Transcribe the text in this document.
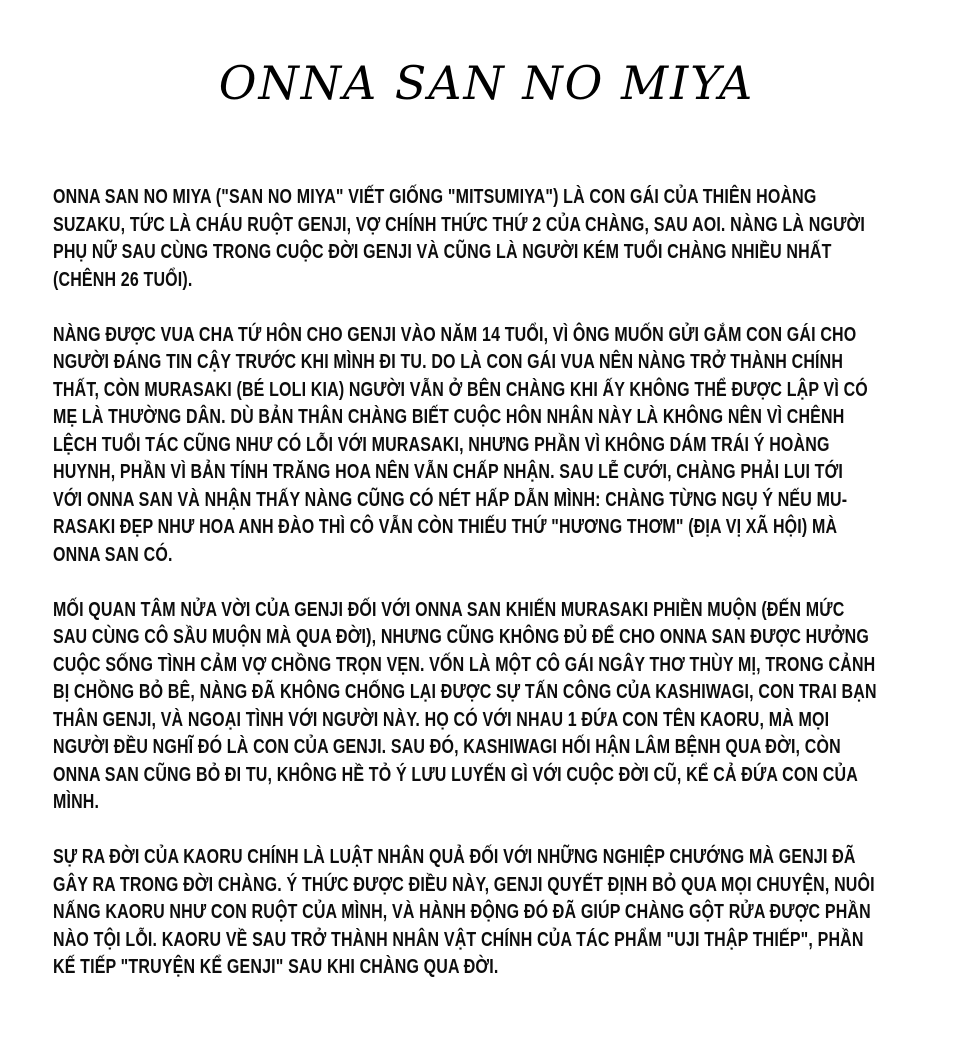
ONNA SAN NO MIYA

ONNA SAN NO MIYA ("SAN NO MIYA" VIẾT GIỐNG "MITSUMIYA") LÀ CON GÁI CỦA THIÊN HOÀNG
SUZAKU, TỨC LÀ CHÁU RUỘT GENJI, VỢ CHÍNH THỨC THỨ 2 CỦA CHÀNG, SAU AOI. NÀNG LÀ NGƯỜI
PHỤ NỮ SAU CÙNG TRONG CUỘC ĐỜI GENJI VÀ CŨNG LÀ NGƯỜI KÉM TUỔI CHÀNG NHIỀU NHẤT
(CHÊNH 26 TUỔI).

NÀNG ĐƯỢC VUA CHA TỨ HÔN CHO GENJI VÀO NĂM 14 TUỔI, VÌ ÔNG MUỐN GỬI GẮM CON GÁI CHO
NGƯỜI ĐÁNG TIN CẬY TRƯỚC KHI MÌNH ĐI TU. DO LÀ CON GÁI VUA NÊN NÀNG TRỞ THÀNH CHÍNH
THẤT, CÒN MURASAKI (BÉ LOLI KIA) NGƯỜI VẪN Ở BÊN CHÀNG KHI ẤY KHÔNG THỂ ĐƯỢC LẬP VÌ CÓ
MẸ LÀ THƯỜNG DÂN. DÙ BẢN THÂN CHÀNG BIẾT CUỘC HÔN NHÂN NÀY LÀ KHÔNG NÊN VÌ CHÊNH
LỆCH TUỔI TÁC CŨNG NHƯ CÓ LỖI VỚI MURASAKI, NHƯNG PHẦN VÌ KHÔNG DÁM TRÁI Ý HOÀNG
HUYNH, PHẦN VÌ BẢN TÍNH TRĂNG HOA NÊN VẪN CHẤP NHẬN. SAU LỄ CƯỚI, CHÀNG PHẢI LUI TỚI
VỚI ONNA SAN VÀ NHẬN THẤY NÀNG CŨNG CÓ NÉT HẤP DẪN MÌNH: CHÀNG TỪNG NGỤ Ý NẾU MU-
RASAKI ĐẸP NHƯ HOA ANH ĐÀO THÌ CÔ VẪN CÒN THIẾU THỨ "HƯƠNG THƠM" (ĐỊA VỊ XÃ HỘI) MÀ
ONNA SAN CÓ.

MỐI QUAN TÂM NỬA VỜI CỦA GENJI ĐỐI VỚI ONNA SAN KHIẾN MURASAKI PHIỀN MUỘN (ĐẾN MỨC
SAU CÙNG CÔ SẦU MUỘN MÀ QUA ĐỜI), NHƯNG CŨNG KHÔNG ĐỦ ĐỂ CHO ONNA SAN ĐƯỢC HƯỞNG
CUỘC SỐNG TÌNH CẢM VỢ CHỒNG TRỌN VẸN. VỐN LÀ MỘT CÔ GÁI NGÂY THƠ THÙY MỊ, TRONG CẢNH
BỊ CHỒNG BỎ BÊ, NÀNG ĐÃ KHÔNG CHỐNG LẠI ĐƯỢC SỰ TẤN CÔNG CỦA KASHIWAGI, CON TRAI BẠN
THÂN GENJI, VÀ NGOẠI TÌNH VỚI NGƯỜI NÀY. HỌ CÓ VỚI NHAU 1 ĐỨA CON TÊN KAORU, MÀ MỌI
NGƯỜI ĐỀU NGHĨ ĐÓ LÀ CON CỦA GENJI. SAU ĐÓ, KASHIWAGI HỐI HẬN LÂM BỆNH QUA ĐỜI, CÒN
ONNA SAN CŨNG BỎ ĐI TU, KHÔNG HỀ TỎ Ý LƯU LUYẾN GÌ VỚI CUỘC ĐỜI CŨ, KỂ CẢ ĐỨA CON CỦA
MÌNH.

SỰ RA ĐỜI CỦA KAORU CHÍNH LÀ LUẬT NHÂN QUẢ ĐỐI VỚI NHỮNG NGHIỆP CHƯỚNG MÀ GENJI ĐÃ
GÂY RA TRONG ĐỜI CHÀNG. Ý THỨC ĐƯỢC ĐIỀU NÀY, GENJI QUYẾT ĐỊNH BỎ QUA MỌI CHUYỆN, NUÔI
NẤNG KAORU NHƯ CON RUỘT CỦA MÌNH, VÀ HÀNH ĐỘNG ĐÓ ĐÃ GIÚP CHÀNG GỘT RỬA ĐƯỢC PHẦN
NÀO TỘI LỖI. KAORU VỀ SAU TRỞ THÀNH NHÂN VẬT CHÍNH CỦA TÁC PHẨM "UJI THẬP THIẾP", PHẦN
KẾ TIẾP "TRUYỆN KỂ GENJI" SAU KHI CHÀNG QUA ĐỜI.
